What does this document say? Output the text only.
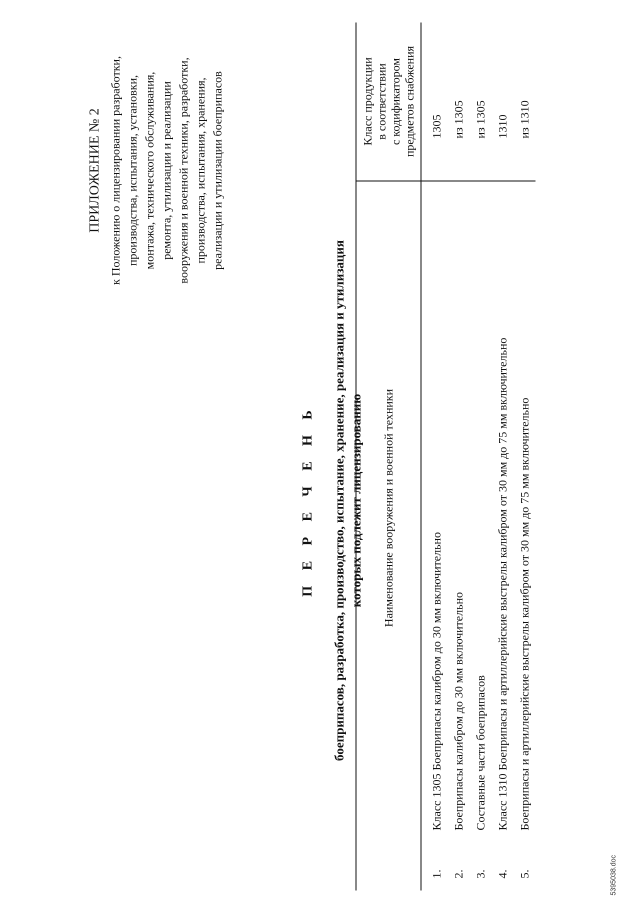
ПРИЛОЖЕНИЕ № 2 к Положению о лицензировании разработки, производства, испытания, установки, монтажа, технического обслуживания, ремонта, утилизации и реализации вооружения и военной техники, разработки, производства, испытания, хранения, реализации и утилизации боеприпасов
П Е Р Е Ч Е Н Ь боеприпасов, разработка, производство, испытание, хранение, реализация и утилизация которых подлежит лицензированию
	Наименование вооружения и военной техники	Класс продукции в соответствии с кодификатором предметов снабжения

1.	Класс 1305 Боеприпасы калибром до 30 мм включительно	1305
2.	Боеприпасы калибром до 30 мм включительно	из 1305
3.	Составные части боеприпасов	из 1305
4.	Класс 1310 Боеприпасы и артиллерийские выстрелы калибром от 30 мм до 75 мм включительно	1310
5.	Боеприпасы и артиллерийские выстрелы калибром от 30 мм до 75 мм включительно	из 1310
5395038.doc
